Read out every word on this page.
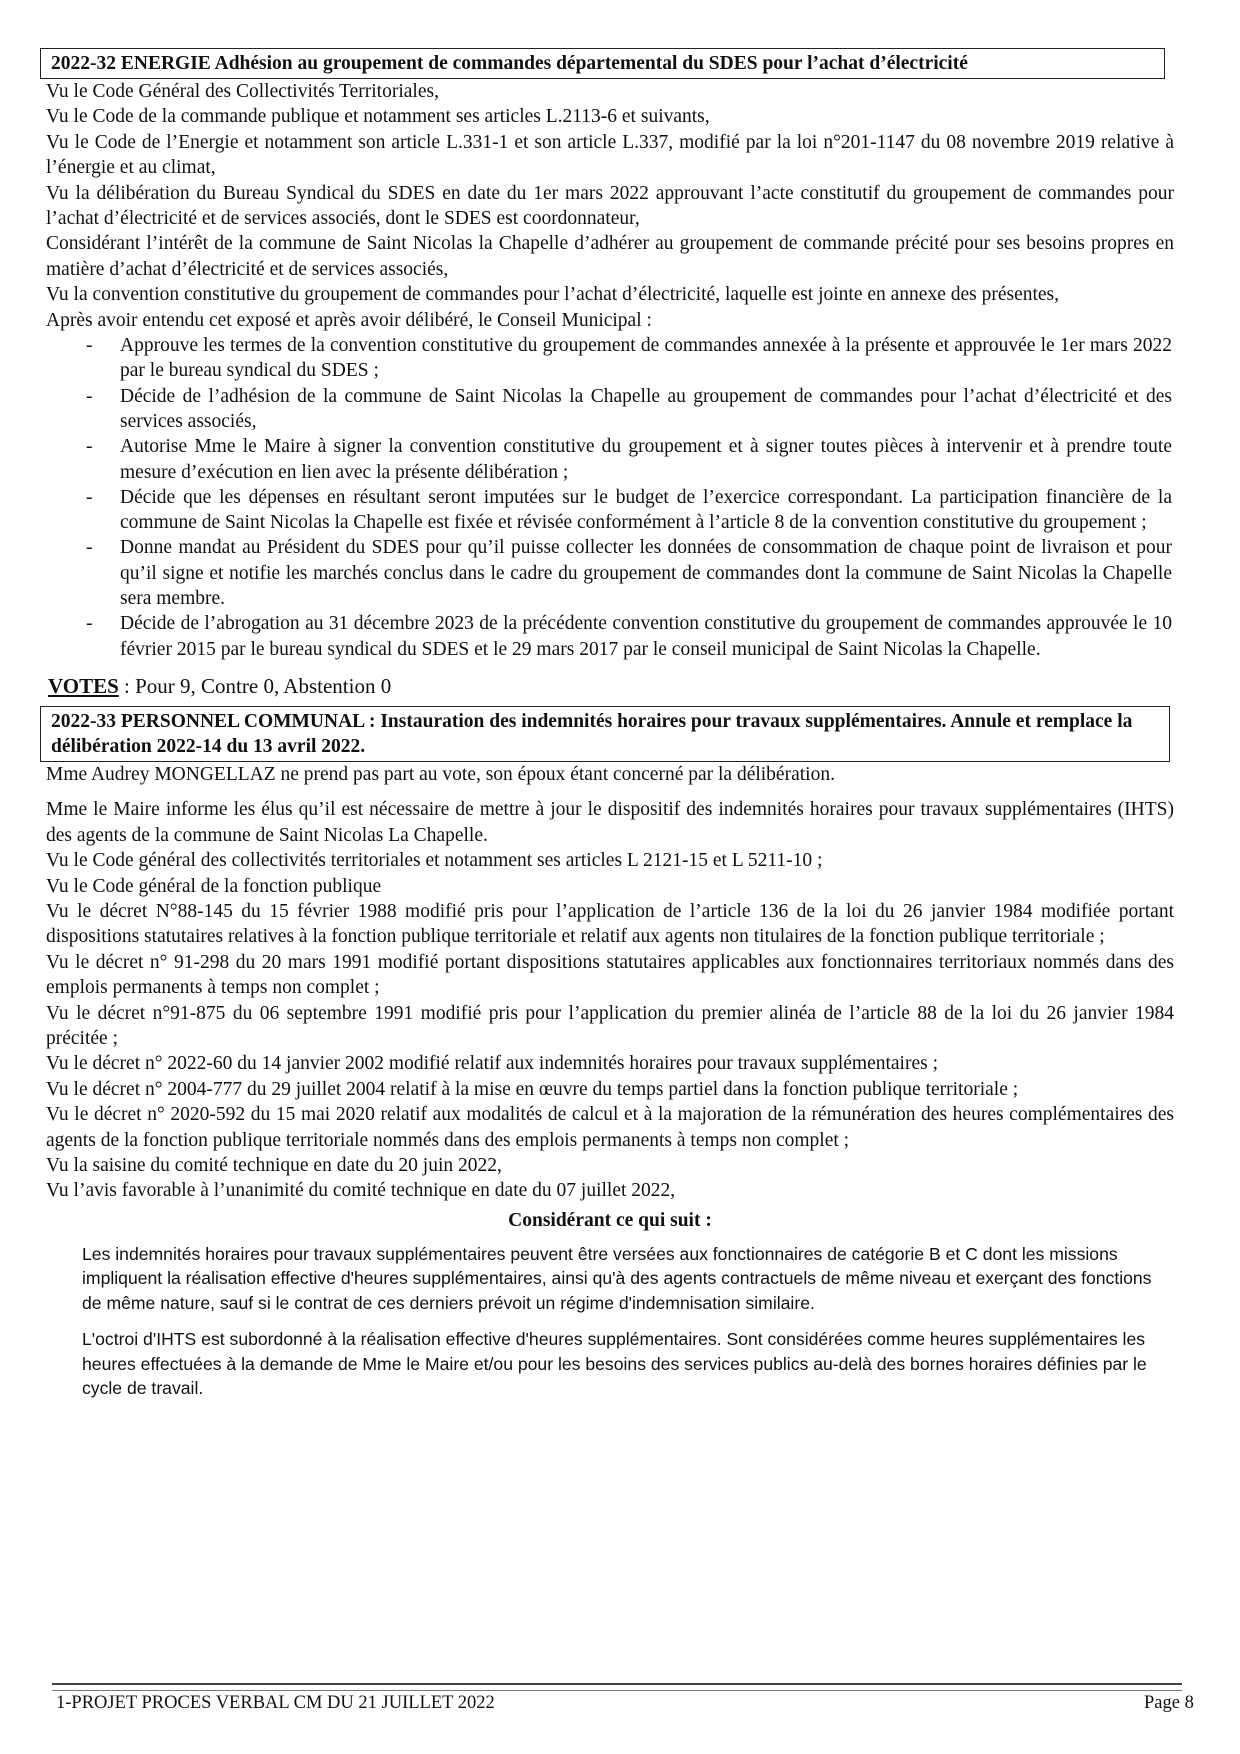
2022-32 ENERGIE Adhésion au groupement de commandes départemental du SDES pour l’achat d’électricité

Vu le Code Général des Collectivités Territoriales,

Vu le Code de la commande publique et notamment ses articles L.2113-6 et suivants,

Vu le Code de l’Energie et notamment son article L.331-1 et son article L.337, modifié par la loi n°201-1147 du 08 novembre 2019 relative à l’énergie et au climat,

Vu la délibération du Bureau Syndical du SDES en date du 1er mars 2022 approuvant l’acte constitutif du groupement de commandes pour l’achat d’électricité et de services associés, dont le SDES est coordonnateur,

Considérant l’intérêt de la commune de Saint Nicolas la Chapelle d’adhérer au groupement de commande précité pour ses besoins propres en matière d’achat d’électricité et de services associés,

Vu la convention constitutive du groupement de commandes pour l’achat d’électricité, laquelle est jointe en annexe des présentes,

Après avoir entendu cet exposé et après avoir délibéré, le Conseil Municipal :

- Approuve les termes de la convention constitutive du groupement de commandes annexée à la présente et approuvée le 1er mars 2022 par le bureau syndical du SDES ;
- Décide de l’adhésion de la commune de Saint Nicolas la Chapelle au groupement de commandes pour l’achat d’électricité et des services associés,
- Autorise Mme le Maire à signer la convention constitutive du groupement et à signer toutes pièces à intervenir et à prendre toute mesure d’exécution en lien avec la présente délibération ;
- Décide que les dépenses en résultant seront imputées sur le budget de l’exercice correspondant. La participation financière de la commune de Saint Nicolas la Chapelle est fixée et révisée conformément à l’article 8 de la convention constitutive du groupement ;
- Donne mandat au Président du SDES pour qu’il puisse collecter les données de consommation de chaque point de livraison et pour qu’il signe et notifie les marchés conclus dans le cadre du groupement de commandes dont la commune de Saint Nicolas la Chapelle sera membre.
- Décide de l’abrogation au 31 décembre 2023 de la précédente convention constitutive du groupement de commandes approuvée le 10 février 2015 par le bureau syndical du SDES et le 29 mars 2017 par le conseil municipal de Saint Nicolas la Chapelle.
VOTES : Pour 9, Contre 0, Abstention 0
2022-33 PERSONNEL COMMUNAL : Instauration des indemnités horaires pour travaux supplémentaires. Annule et remplace la délibération 2022-14 du 13 avril 2022.

Mme Audrey MONGELLAZ ne prend pas part au vote, son époux étant concerné par la délibération.

Mme le Maire informe les élus qu’il est nécessaire de mettre à jour le dispositif des indemnités horaires pour travaux supplémentaires (IHTS) des agents de la commune de Saint Nicolas La Chapelle.

Vu le Code général des collectivités territoriales et notamment ses articles L 2121-15 et L 5211-10 ;

Vu le Code général de la fonction publique

Vu le décret N°88-145 du 15 février 1988 modifié pris pour l’application de l’article 136 de la loi du 26 janvier 1984 modifiée portant dispositions statutaires relatives à la fonction publique territoriale et relatif aux agents non titulaires de la fonction publique territoriale ;

Vu le décret n° 91-298 du 20 mars 1991 modifié portant dispositions statutaires applicables aux fonctionnaires territoriaux nommés dans des emplois permanents à temps non complet ;

Vu le décret n°91-875 du 06 septembre 1991 modifié pris pour l’application du premier alinéa de l’article 88 de la loi du 26 janvier 1984 précitée ;

Vu le décret n° 2022-60 du 14 janvier 2002 modifié relatif aux indemnités horaires pour travaux supplémentaires ;

Vu le décret n° 2004-777 du 29 juillet 2004 relatif à la mise en œuvre du temps partiel dans la fonction publique territoriale ;

Vu le décret n° 2020-592 du 15 mai 2020 relatif aux modalités de calcul et à la majoration de la rémunération des heures complémentaires des agents de la fonction publique territoriale nommés dans des emplois permanents à temps non complet ;

Vu la saisine du comité technique en date du 20 juin 2022,

Vu l’avis favorable à l’unanimité du comité technique en date du 07 juillet 2022,

Considérant ce qui suit :

Les indemnités horaires pour travaux supplémentaires peuvent être versées aux fonctionnaires de catégorie B et C dont les missions impliquent la réalisation effective d'heures supplémentaires, ainsi qu'à des agents contractuels de même niveau et exerçant des fonctions de même nature, sauf si le contrat de ces derniers prévoit un régime d'indemnisation similaire.

L'octroi d'IHTS est subordonné à la réalisation effective d'heures supplémentaires. Sont considérées comme heures supplémentaires les heures effectuées à la demande de Mme le Maire et/ou pour les besoins des services publics au-delà des bornes horaires définies par le cycle de travail.

1-PROJET PROCES VERBAL CM DU 21 JUILLET 2022	Page 8
